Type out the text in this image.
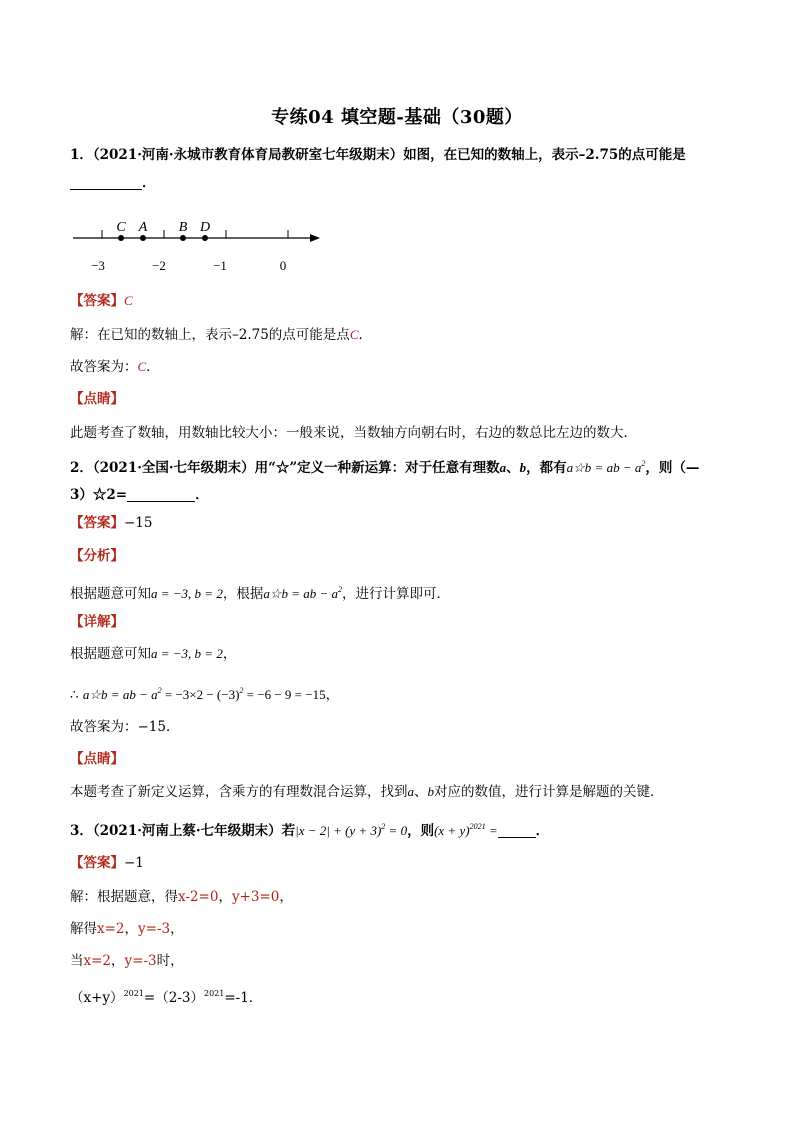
专练04 填空题-基础（30题）
1．（2021·河南·永城市教育体育局教研室七年级期末）如图，在已知的数轴上，表示–2.75的点可能是
．
C A B D
−3	−2	−1	0
【答案】C
解：在已知的数轴上，表示–2.75的点可能是点C．
故答案为：C．
【点睛】
此题考查了数轴，用数轴比较大小：一般来说，当数轴方向朝右时，右边的数总比左边的数大．
2．（2021·全国·七年级期末）用“☆”定义一种新运算：对于任意有理数a、b，都有a☆b = ab − $a^2$，则（—
3）☆2=	．
【答案】−15
【分析】
根据题意可知a = −3, b = 2，根据a☆b = ab − $a^2$，进行计算即可．
【详解】
根据题意可知a = −3, b = 2，
∴ a☆b = ab − $a^2 = -3\times 2 - (-3)^2 = -6 - 9 = -15$，
故答案为：−15．
【点睛】
本题考查了新定义运算，含乘方的有理数混合运算，找到a、b对应的数值，进行计算是解题的关键．
3．（2021·河南上蔡·七年级期末）若$|x - 2| + (y + 3)^2 = 0$，则$(x + y)^{2021}$ =	．
【答案】−1
解：根据题意，得x-2=0，y+3=0，
解得x=2，y=-3，
当x=2，y=-3时，
$(x+y)^{2021}=(2-3)^{2021}=-1$．
